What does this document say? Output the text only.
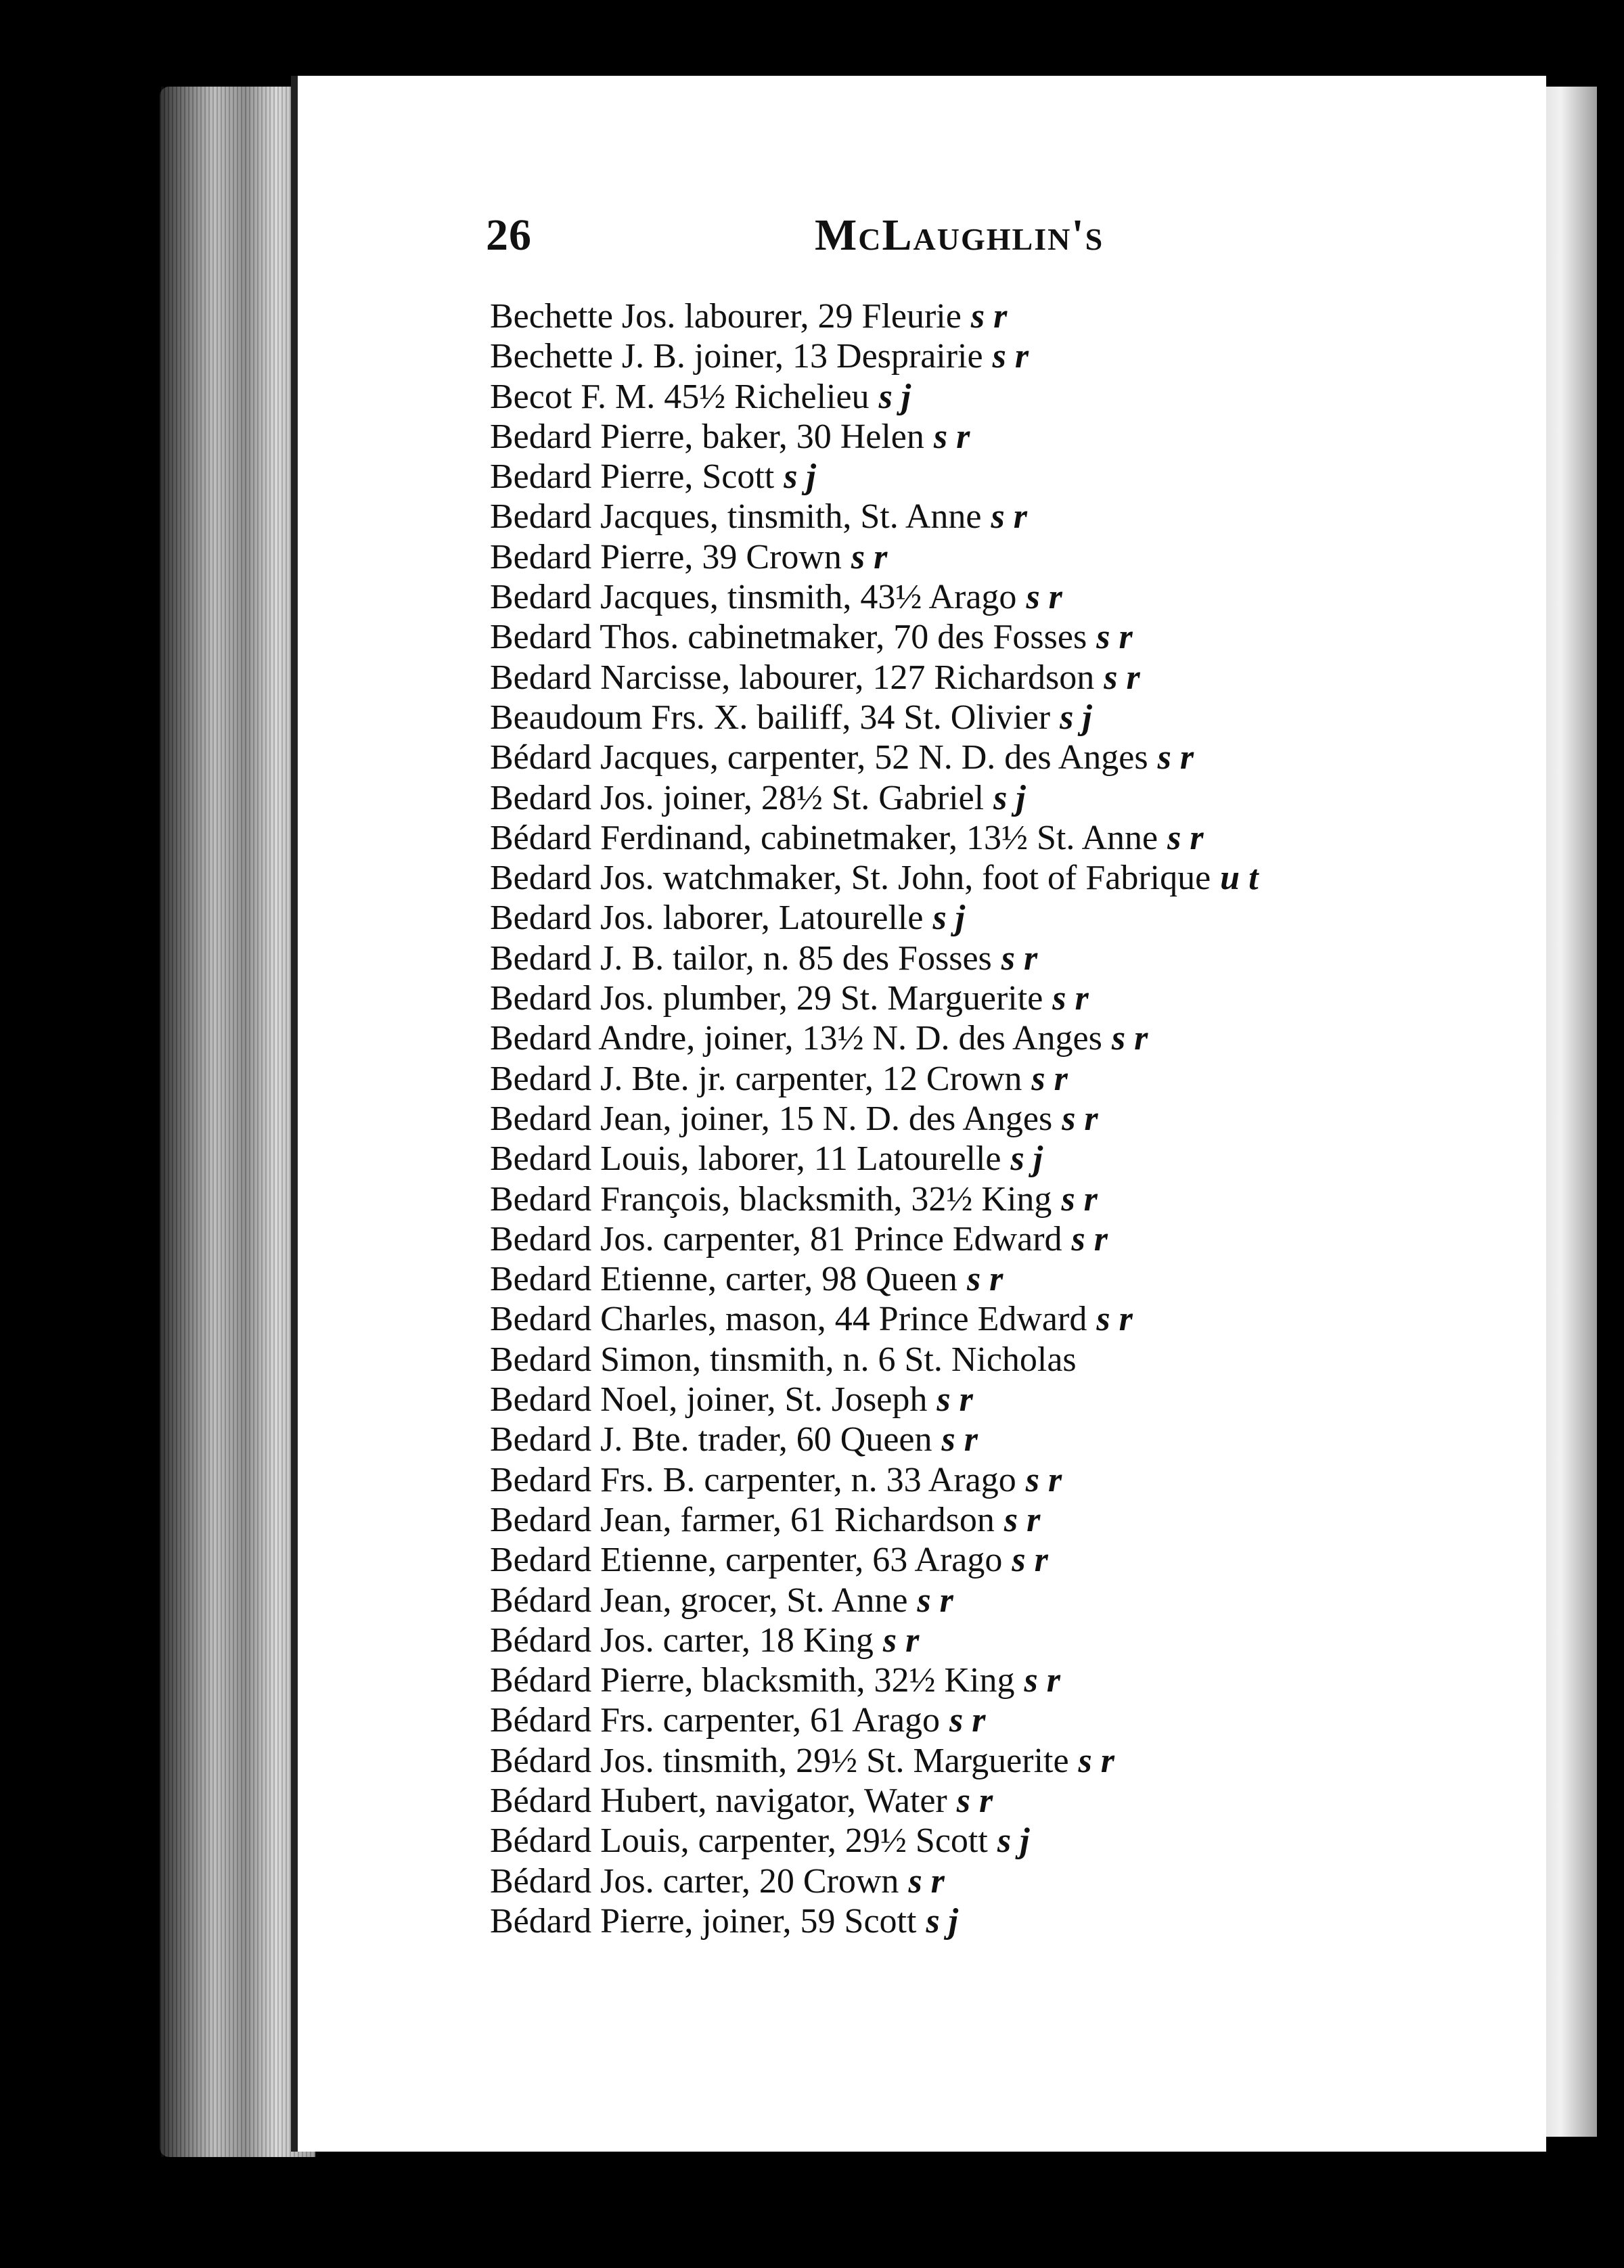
26	McLaughlin's
Bechette Jos. labourer, 29 Fleurie s r
Bechette J. B. joiner, 13 Desprairie s r
Becot F. M. 45½ Richelieu s j
Bedard Pierre, baker, 30 Helen s r
Bedard Pierre, Scott s j
Bedard Jacques, tinsmith, St. Anne s r
Bedard Pierre, 39 Crown s r
Bedard Jacques, tinsmith, 43½ Arago s r
Bedard Thos. cabinetmaker, 70 des Fosses s r
Bedard Narcisse, labourer, 127 Richardson s r
Beaudoum Frs. X. bailiff, 34 St. Olivier s j
Bédard Jacques, carpenter, 52 N. D. des Anges s r
Bedard Jos. joiner, 28½ St. Gabriel s j
Bédard Ferdinand, cabinetmaker, 13½ St. Anne s r
Bedard Jos. watchmaker, St. John, foot of Fabrique u t
Bedard Jos. laborer, Latourelle s j
Bedard J. B. tailor, n. 85 des Fosses s r
Bedard Jos. plumber, 29 St. Marguerite s r
Bedard Andre, joiner, 13½ N. D. des Anges s r
Bedard J. Bte. jr. carpenter, 12 Crown s r
Bedard Jean, joiner, 15 N. D. des Anges s r
Bedard Louis, laborer, 11 Latourelle s j
Bedard François, blacksmith, 32½ King s r
Bedard Jos. carpenter, 81 Prince Edward s r
Bedard Etienne, carter, 98 Queen s r
Bedard Charles, mason, 44 Prince Edward s r
Bedard Simon, tinsmith, n. 6 St. Nicholas
Bedard Noel, joiner, St. Joseph s r
Bedard J. Bte. trader, 60 Queen s r
Bedard Frs. B. carpenter, n. 33 Arago s r
Bedard Jean, farmer, 61 Richardson s r
Bedard Etienne, carpenter, 63 Arago s r
Bédard Jean, grocer, St. Anne s r
Bédard Jos. carter, 18 King s r
Bédard Pierre, blacksmith, 32½ King s r
Bédard Frs. carpenter, 61 Arago s r
Bédard Jos. tinsmith, 29½ St. Marguerite s r
Bédard Hubert, navigator, Water s r
Bédard Louis, carpenter, 29½ Scott s j
Bédard Jos. carter, 20 Crown s r
Bédard Pierre, joiner, 59 Scott s j
